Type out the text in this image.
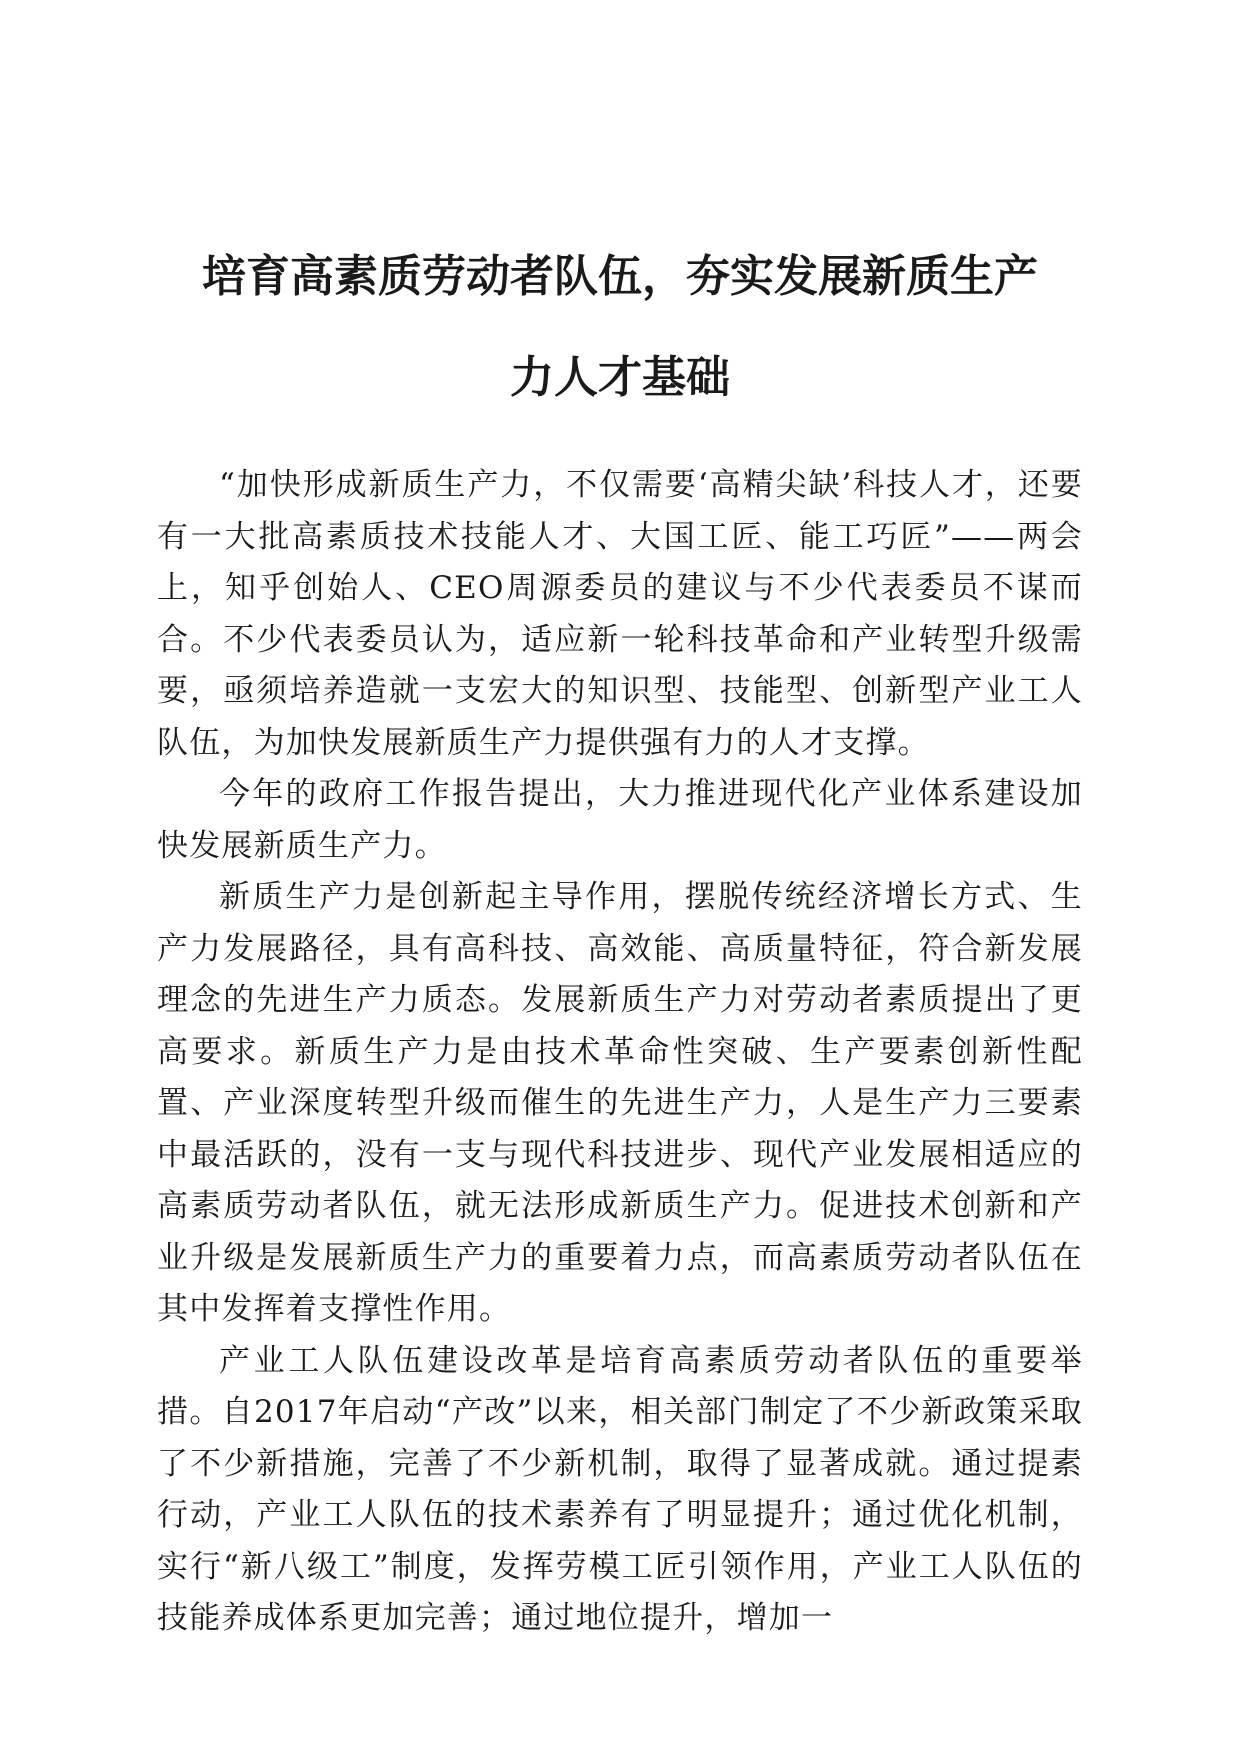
培育高素质劳动者队伍，夯实发展新质生产
力人才基础

“加快形成新质生产力，不仅需要‘高精尖缺’科技人才，还要有一大批高素质技术技能人才、大国工匠、能工巧匠”——两会上，知乎创始人、CEO周源委员的建议与不少代表委员不谋而合。不少代表委员认为，适应新一轮科技革命和产业转型升级需要，亟须培养造就一支宏大的知识型、技能型、创新型产业工人队伍，为加快发展新质生产力提供强有力的人才支撑。

今年的政府工作报告提出，大力推进现代化产业体系建设加快发展新质生产力。

新质生产力是创新起主导作用，摆脱传统经济增长方式、生产力发展路径，具有高科技、高效能、高质量特征，符合新发展理念的先进生产力质态。发展新质生产力对劳动者素质提出了更高要求。新质生产力是由技术革命性突破、生产要素创新性配置、产业深度转型升级而催生的先进生产力，人是生产力三要素中最活跃的，没有一支与现代科技进步、现代产业发展相适应的高素质劳动者队伍，就无法形成新质生产力。促进技术创新和产业升级是发展新质生产力的重要着力点，而高素质劳动者队伍在其中发挥着支撑性作用。

产业工人队伍建设改革是培育高素质劳动者队伍的重要举措。自2017年启动“产改”以来，相关部门制定了不少新政策采取了不少新措施，完善了不少新机制，取得了显著成就。通过提素行动，产业工人队伍的技术素养有了明显提升；通过优化机制，实行“新八级工”制度，发挥劳模工匠引领作用，产业工人队伍的技能养成体系更加完善；通过地位提升，增加一
